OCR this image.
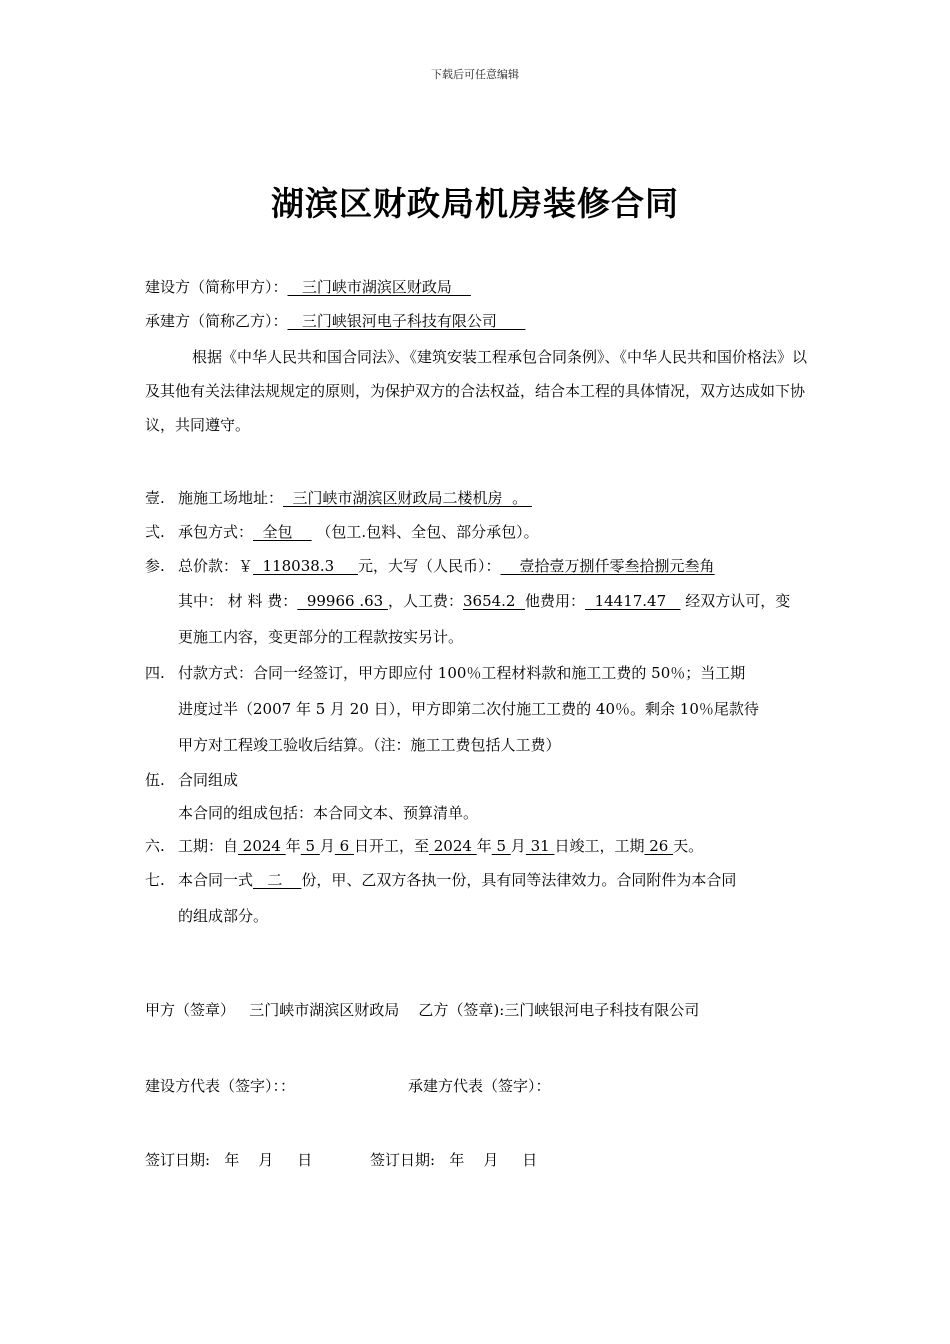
下载后可任意编辑
湖滨区财政局机房装修合同
建设方（简称甲方）：   三门峡市湖滨区财政局
承建方（简称乙方）：   三门峡银河电子科技有限公司
根据《中华人民共和国合同法》、《建筑安装工程承包合同条例》、《中华人民共和国价格法》以及其他有关法律法规规定的原则，为保护双方的合法权益，结合本工程的具体情况，双方达成如下协议，共同遵守。
壹. 施施工场地址：  三门峡市湖滨区财政局二楼机房  。
弍. 承包方式：  全包     （包工.包料、全包、部分承包）。
参. 总价款：￥  118038.3     元，大写（人民币）：    壹拾壹万捌仟零叁拾捌元叁角
其中： 材 料 费：  99966 .63 ，人工费：3654.2  他费用：  14417.47    经双方认可，变
更施工内容，变更部分的工程款按实另计。
四. 付款方式：合同一经签订，甲方即应付 100％工程材料款和施工工费的 50％；当工期
进度过半（2007 年 5 月 20 日），甲方即第二次付施工工费的 40％。剩余 10％尾款待
甲方对工程竣工验收后结算。（注：施工工费包括人工费）
伍. 合同组成
本合同的组成包括：本合同文本、预算清单。
六. 工期：自 2024 年 5 月 6 日开工，至 2024 年 5 月 31 日竣工，工期 26 天。
七. 本合同一式   二    份，甲、乙双方各执一份，具有同等法律效力。合同附件为本合同
的组成部分。
甲方（签章）   三门峡市湖滨区财政局    乙方（签章):三门峡银河电子科技有限公司
建设方代表（签字）：：	承建方代表（签字）：
签订日期:   年    月     日	签订日期:   年    月     日
